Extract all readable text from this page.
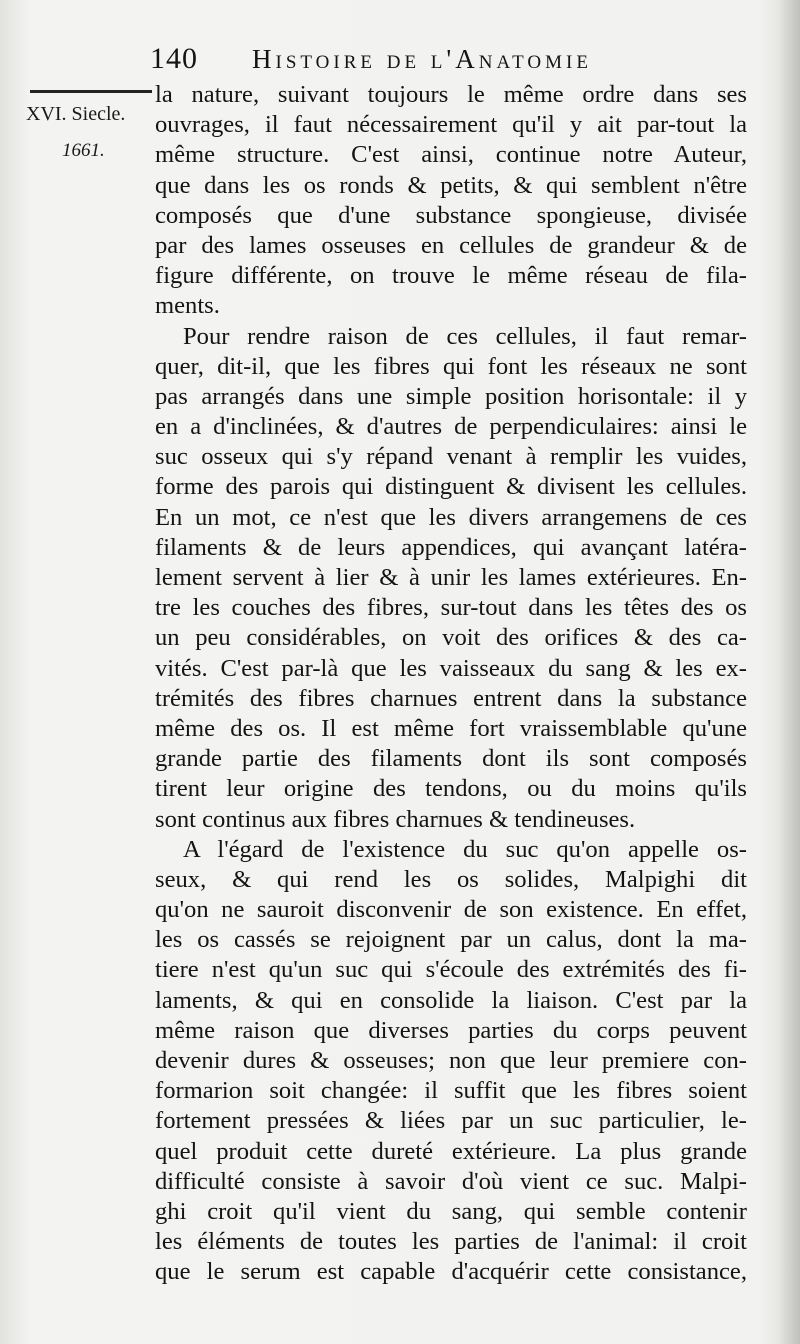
140 Histoire de l'Anatomie
XVI. Siecle.
1661.
la nature, suivant toujours le même ordre dans ses
ouvrages, il faut nécessairement qu'il y ait par-tout la
même structure. C'est ainsi, continue notre Auteur,
que dans les os ronds & petits, & qui semblent n'être
composés que d'une substance spongieuse, divisée
par des lames osseuses en cellules de grandeur & de
figure différente, on trouve le même réseau de fila-
ments.
Pour rendre raison de ces cellules, il faut remar-
quer, dit-il, que les fibres qui font les réseaux ne sont
pas arrangés dans une simple position horisontale: il y
en a d'inclinées, & d'autres de perpendiculaires: ainsi le
suc osseux qui s'y répand venant à remplir les vuides,
forme des parois qui distinguent & divisent les cellules.
En un mot, ce n'est que les divers arrangemens de ces
filaments & de leurs appendices, qui avançant latéra-
lement servent à lier & à unir les lames extérieures. En-
tre les couches des fibres, sur-tout dans les têtes des os
un peu considérables, on voit des orifices & des ca-
vités. C'est par-là que les vaisseaux du sang & les ex-
trémités des fibres charnues entrent dans la substance
même des os. Il est même fort vraissemblable qu'une
grande partie des filaments dont ils sont composés
tirent leur origine des tendons, ou du moins qu'ils
sont continus aux fibres charnues & tendineuses.
A l'égard de l'existence du suc qu'on appelle os-
seux, & qui rend les os solides, Malpighi dit
qu'on ne sauroit disconvenir de son existence. En effet,
les os cassés se rejoignent par un calus, dont la ma-
tiere n'est qu'un suc qui s'écoule des extrémités des fi-
laments, & qui en consolide la liaison. C'est par la
même raison que diverses parties du corps peuvent
devenir dures & osseuses; non que leur premiere con-
formarion soit changée: il suffit que les fibres soient
fortement pressées & liées par un suc particulier, le-
quel produit cette dureté extérieure. La plus grande
difficulté consiste à savoir d'où vient ce suc. Malpi-
ghi croit qu'il vient du sang, qui semble contenir
les éléments de toutes les parties de l'animal: il croit
que le serum est capable d'acquérir cette consistance,
